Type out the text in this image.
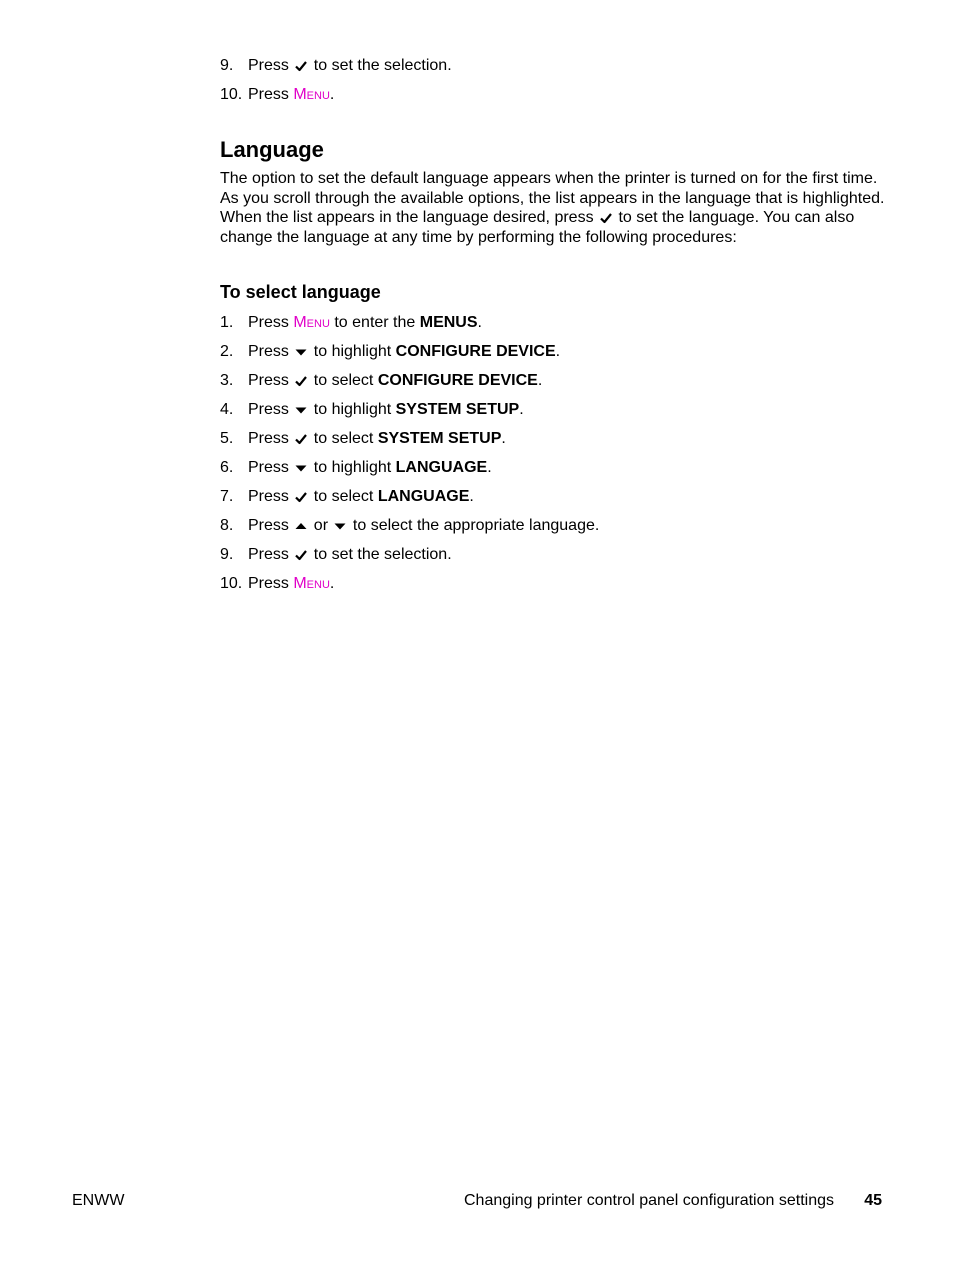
9. Press
to set the selection.
10. Press Menu.
Language

The option to set the default language appears when the printer is turned on for the first time. As you scroll through the available options, the list appears in the language that is highlighted. When the list appears in the language desired, press to set the language. You can also change the language at any time by performing the following procedures:

To select language
1. Press Menu to enter the MENUS.
2. Press
to highlight CONFIGURE DEVICE.
3. Press
to select CONFIGURE DEVICE.
4. Press
to highlight SYSTEM SETUP.
5. Press
to select SYSTEM SETUP.
6. Press
to highlight LANGUAGE.
7. Press
to select LANGUAGE.
8. Press
or
to select the appropriate language.
9. Press
to set the selection.
10. Press Menu.
ENWW	Changing printer control panel configuration settings 45
